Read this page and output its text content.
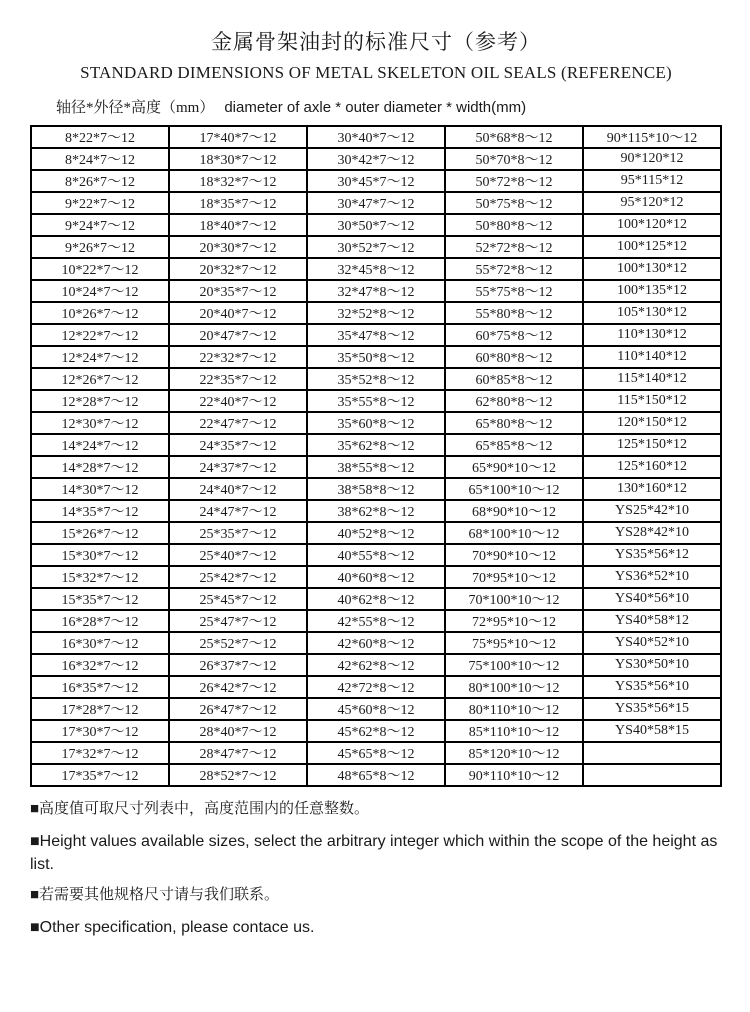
金属骨架油封的标准尺寸（参考）
STANDARD DIMENSIONS OF METAL SKELETON OIL SEALS (REFERENCE)
轴径*外径*高度（mm） diameter of axle * outer diameter * width(mm)
8*22*7～12	17*40*7～12	30*40*7～12	50*68*8～12	90*115*10～12
8*24*7～12	18*30*7～12	30*42*7～12	50*70*8～12	90*120*12
8*26*7～12	18*32*7～12	30*45*7～12	50*72*8～12	95*115*12
9*22*7～12	18*35*7～12	30*47*7～12	50*75*8～12	95*120*12
9*24*7～12	18*40*7～12	30*50*7～12	50*80*8～12	100*120*12
9*26*7～12	20*30*7～12	30*52*7～12	52*72*8～12	100*125*12
10*22*7～12	20*32*7～12	32*45*8～12	55*72*8～12	100*130*12
10*24*7～12	20*35*7～12	32*47*8～12	55*75*8～12	100*135*12
10*26*7～12	20*40*7～12	32*52*8～12	55*80*8～12	105*130*12
12*22*7～12	20*47*7～12	35*47*8～12	60*75*8～12	110*130*12
12*24*7～12	22*32*7～12	35*50*8～12	60*80*8～12	110*140*12
12*26*7～12	22*35*7～12	35*52*8～12	60*85*8～12	115*140*12
12*28*7～12	22*40*7～12	35*55*8～12	62*80*8～12	115*150*12
12*30*7～12	22*47*7～12	35*60*8～12	65*80*8～12	120*150*12
14*24*7～12	24*35*7～12	35*62*8～12	65*85*8～12	125*150*12
14*28*7～12	24*37*7～12	38*55*8～12	65*90*10～12	125*160*12
14*30*7～12	24*40*7～12	38*58*8～12	65*100*10～12	130*160*12
14*35*7～12	24*47*7～12	38*62*8～12	68*90*10～12	YS25*42*10
15*26*7～12	25*35*7～12	40*52*8～12	68*100*10～12	YS28*42*10
15*30*7～12	25*40*7～12	40*55*8～12	70*90*10～12	YS35*56*12
15*32*7～12	25*42*7～12	40*60*8～12	70*95*10～12	YS36*52*10
15*35*7～12	25*45*7～12	40*62*8～12	70*100*10～12	YS40*56*10
16*28*7～12	25*47*7～12	42*55*8～12	72*95*10～12	YS40*58*12
16*30*7～12	25*52*7～12	42*60*8～12	75*95*10～12	YS40*52*10
16*32*7～12	26*37*7～12	42*62*8～12	75*100*10～12	YS30*50*10
16*35*7～12	26*42*7～12	42*72*8～12	80*100*10～12	YS35*56*10
17*28*7～12	26*47*7～12	45*60*8～12	80*110*10～12	YS35*56*15
17*30*7～12	28*40*7～12	45*62*8～12	85*110*10～12	YS40*58*15
17*32*7～12	28*47*7～12	45*65*8～12	85*120*10～12	
17*35*7～12	28*52*7～12	48*65*8～12	90*110*10～12	

■高度值可取尺寸列表中，高度范围内的任意整数。

■Height values available sizes, select the arbitrary integer which within the scope of the height as list.

■若需要其他规格尺寸请与我们联系。

■Other specification, please contace us.
